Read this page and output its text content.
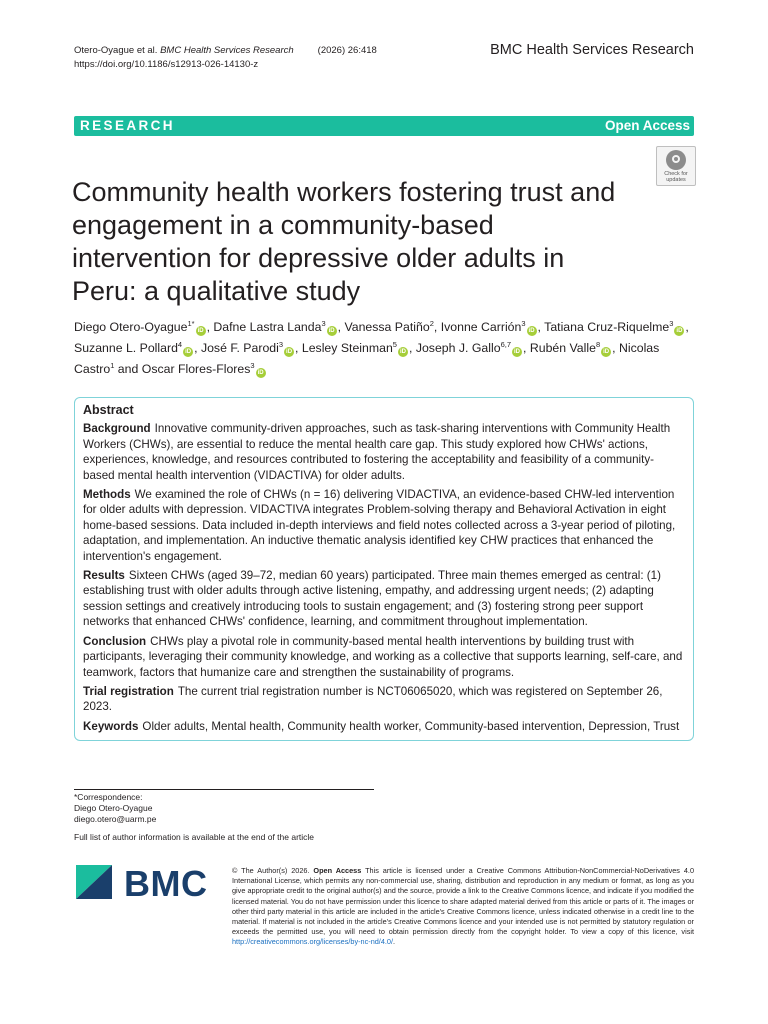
Otero-Oyague et al. BMC Health Services Research	(2026) 26:418
https://doi.org/10.1186/s12913-026-14130-z
BMC Health Services Research
RESEARCH	Open Access
Check for
updates
Community health workers fostering trust and engagement in a community-based intervention for depressive older adults in Peru: a qualitative study
Diego Otero-Oyague$^{1*}$iD , Dafne Lastra Landa$^3$iD , Vanessa Patiño$^2$, Ivonne Carrión$^3$iD , Tatiana Cruz-Riquelme$^3$iD , Suzanne L. Pollard$^4$iD , José F. Parodi$^3$iD , Lesley Steinman$^5$iD , Joseph J. Gallo$^{6,7}$iD , Rubén Valle$^8$iD , Nicolas Castro$^1$ and Oscar Flores-Flores$^3$iD
Abstract

Background Innovative community-driven approaches, such as task-sharing interventions with Community Health Workers (CHWs), are essential to reduce the mental health care gap. This study explored how CHWs' actions, experiences, knowledge, and resources contributed to fostering the acceptability and feasibility of a community-based mental health intervention (VIDACTIVA) for older adults.

Methods We examined the role of CHWs (n = 16) delivering VIDACTIVA, an evidence-based CHW-led intervention for older adults with depression. VIDACTIVA integrates Problem-solving therapy and Behavioral Activation in eight home-based sessions. Data included in-depth interviews and field notes collected across a 3-year period of piloting, adaptation, and implementation. An inductive thematic analysis identified key CHW practices that enhanced the intervention's engagement.

Results Sixteen CHWs (aged 39–72, median 60 years) participated. Three main themes emerged as central: (1) establishing trust with older adults through active listening, empathy, and addressing urgent needs; (2) adapting session settings and creatively introducing tools to sustain engagement; and (3) fostering strong peer support networks that enhanced CHWs' confidence, learning, and commitment throughout implementation.

Conclusion CHWs play a pivotal role in community-based mental health interventions by building trust with participants, leveraging their community knowledge, and working as a collective that supports learning, self-care, and teamwork, factors that humanize care and strengthen the sustainability of programs.

Trial registration The current trial registration number is NCT06065020, which was registered on September 26, 2023.

Keywords Older adults, Mental health, Community health worker, Community-based intervention, Depression, Trust

*Correspondence:
Diego Otero-Oyague
diego.otero@uarm.pe
Full list of author information is available at the end of the article
BMC	© The Author(s) 2026. Open Access This article is licensed under a Creative Commons Attribution-NonCommercial-NoDerivatives 4.0 International License, which permits any non-commercial use, sharing, distribution and reproduction in any medium or format, as long as you give appropriate credit to the original author(s) and the source, provide a link to the Creative Commons licence, and indicate if you modified the licensed material. You do not have permission under this licence to share adapted material derived from this article or parts of it. The images or other third party material in this article are included in the article's Creative Commons licence, unless indicated otherwise in a credit line to the material. If material is not included in the article's Creative Commons licence and your intended use is not permitted by statutory regulation or exceeds the permitted use, you will need to obtain permission directly from the copyright holder. To view a copy of this licence, visit http://creativecommons.org/licenses/by-nc-nd/4.0/.
